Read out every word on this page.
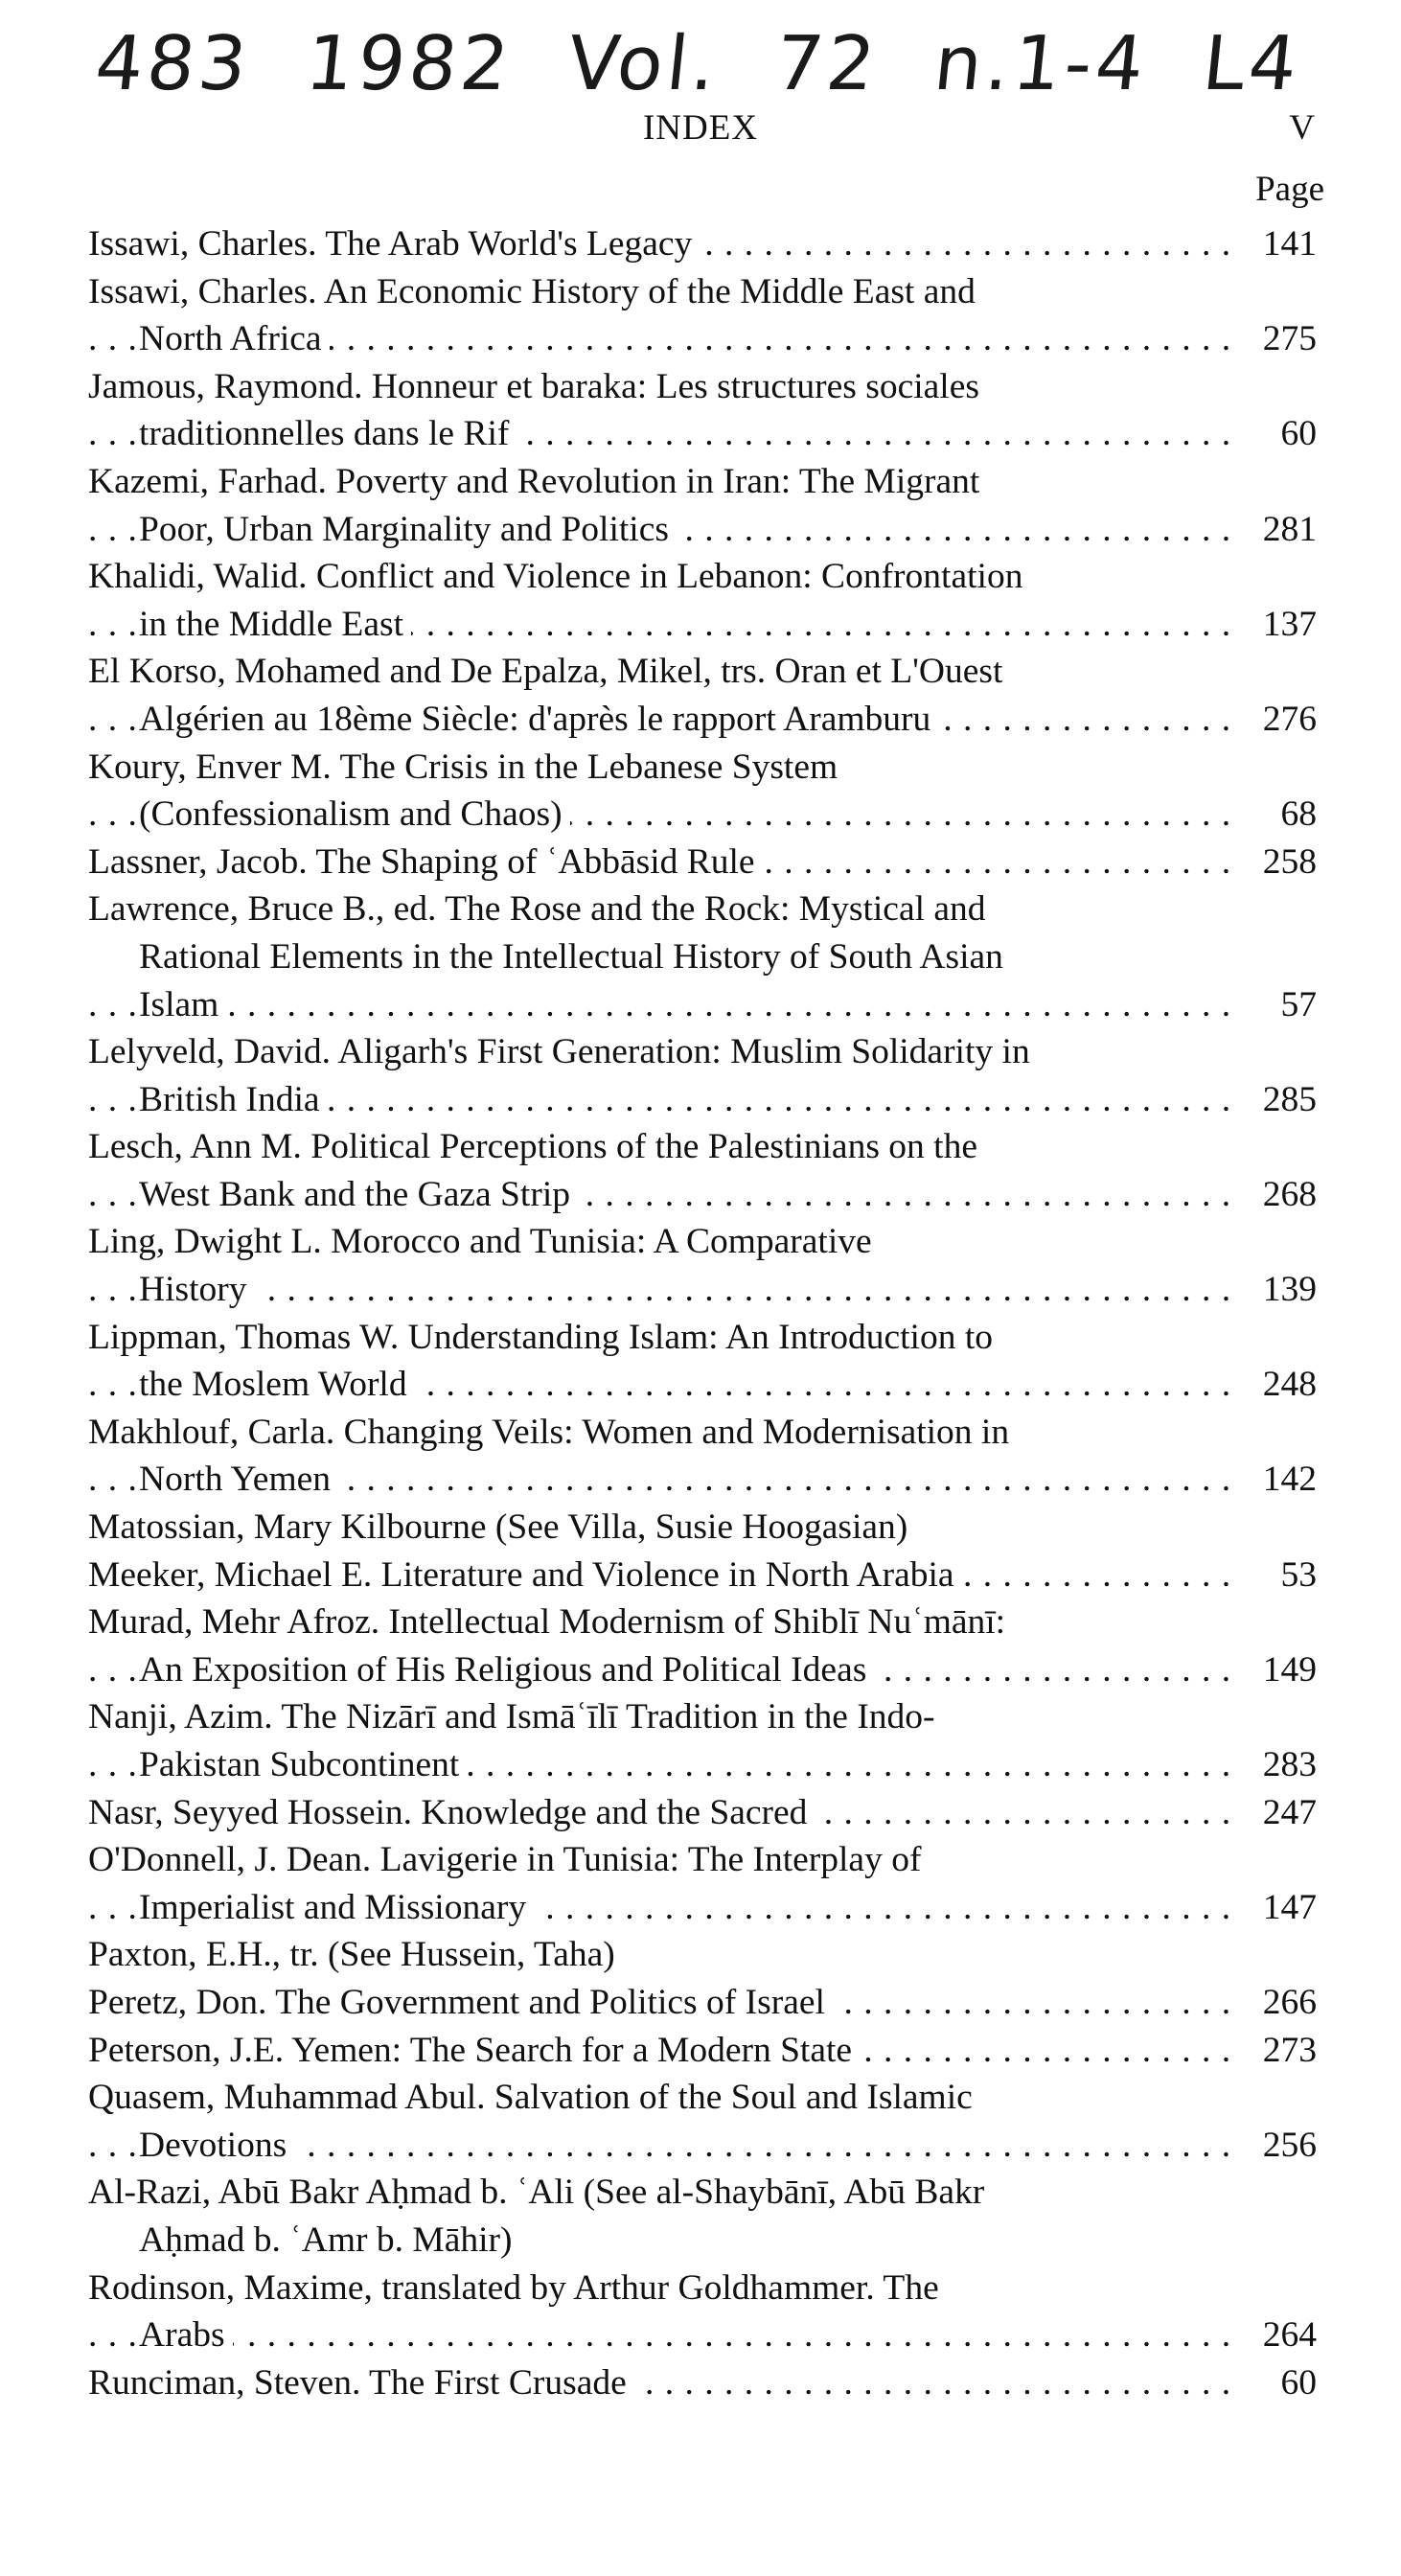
483 1982 Vol. 72 n.1-4 L4
INDEX	V
Page
Issawi, Charles. The Arab World's Legacy	141
. . .
Issawi, Charles. An Economic History of the Middle East and
North Africa	275
. . .
Jamous, Raymond. Honneur et baraka: Les structures sociales
traditionnelles dans le Rif	60
. . .
Kazemi, Farhad. Poverty and Revolution in Iran: The Migrant
Poor, Urban Marginality and Politics	281
. . .
Khalidi, Walid. Conflict and Violence in Lebanon: Confrontation
in the Middle East	137
. . .
El Korso, Mohamed and De Epalza, Mikel, trs. Oran et L'Ouest
Algérien au 18ème Siècle: d'après le rapport Aramburu	276
. . .
Koury, Enver M. The Crisis in the Lebanese System
(Confessionalism and Chaos)	68
. . .
Lassner, Jacob. The Shaping of ʿAbbāsid Rule	258
. . .
Lawrence, Bruce B., ed. The Rose and the Rock: Mystical and
Rational Elements in the Intellectual History of South Asian
Islam	57
. . .
Lelyveld, David. Aligarh's First Generation: Muslim Solidarity in
British India	285
. . .
Lesch, Ann M. Political Perceptions of the Palestinians on the
West Bank and the Gaza Strip	268
. . .
Ling, Dwight L. Morocco and Tunisia: A Comparative
History	139
. . .
Lippman, Thomas W. Understanding Islam: An Introduction to
the Moslem World	248
. . .
Makhlouf, Carla. Changing Veils: Women and Modernisation in
North Yemen	142
. . .
Matossian, Mary Kilbourne (See Villa, Susie Hoogasian)
Meeker, Michael E. Literature and Violence in North Arabia	53
. . .
Murad, Mehr Afroz. Intellectual Modernism of Shiblī Nuʿmānī:
An Exposition of His Religious and Political Ideas	149
. . .
Nanji, Azim. The Nizārī and Ismāʿīlī Tradition in the Indo-
Pakistan Subcontinent	283
. . .
Nasr, Seyyed Hossein. Knowledge and the Sacred	247
. . .
O'Donnell, J. Dean. Lavigerie in Tunisia: The Interplay of
Imperialist and Missionary	147
. . .
Paxton, E.H., tr. (See Hussein, Taha)
Peretz, Don. The Government and Politics of Israel	266
. . .
Peterson, J.E. Yemen: The Search for a Modern State	273
. . .
Quasem, Muhammad Abul. Salvation of the Soul and Islamic
Devotions	256
. . .
Al-Razi, Abū Bakr Aḥmad b. ʿAli (See al-Shaybānī, Abū Bakr
Aḥmad b. ʿAmr b. Māhir)
Rodinson, Maxime, translated by Arthur Goldhammer. The
Arabs	264
. . .
Runciman, Steven. The First Crusade	60
. . .
